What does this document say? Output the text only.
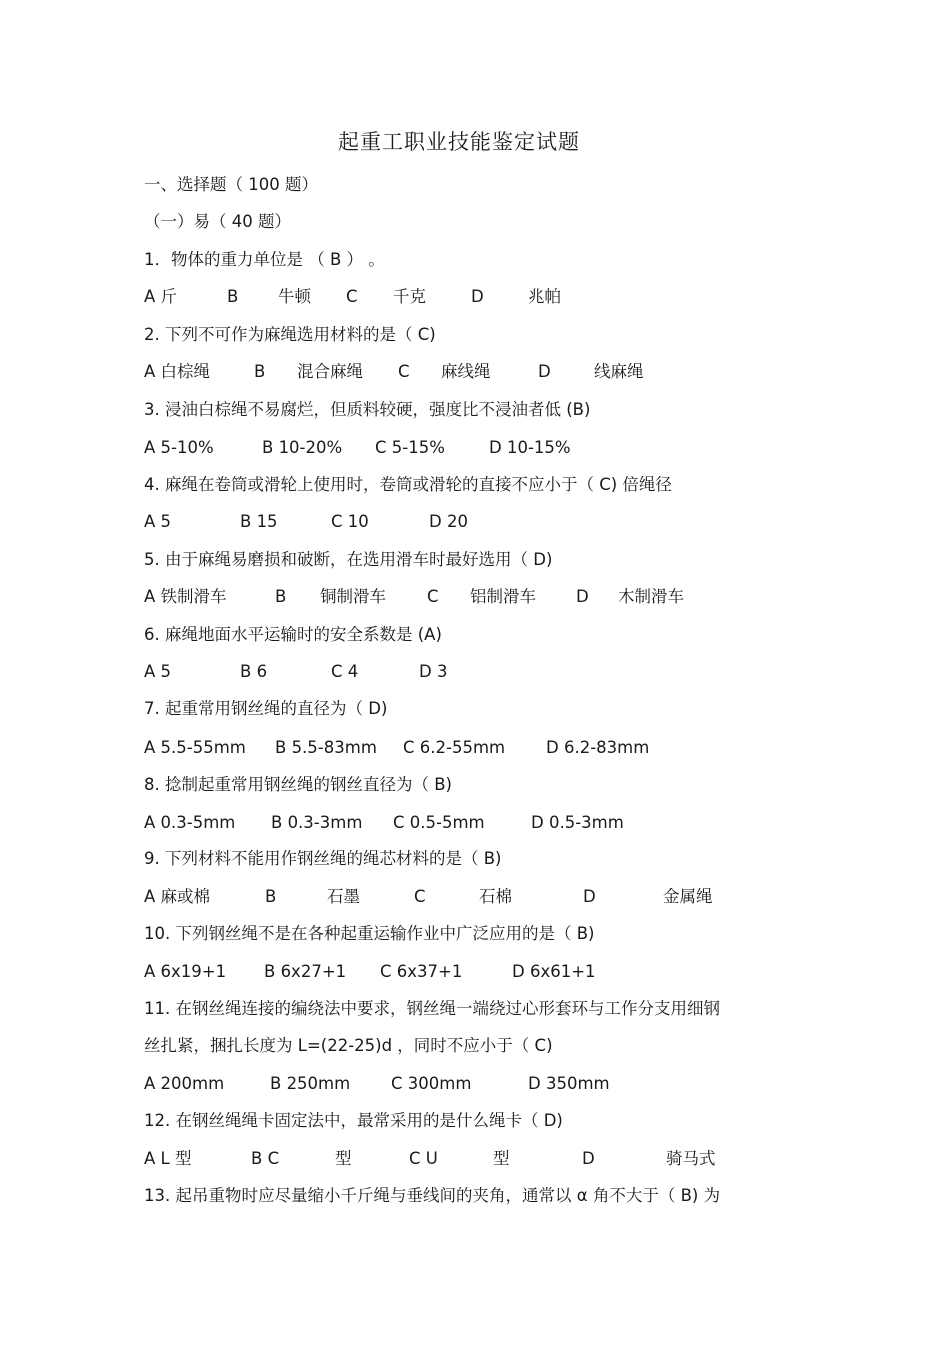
起重工职业技能鉴定试题
一、选择题（ 100 题）
（一）易（ 40 题）
1．物体的重力单位是 （ B ） 。
A 斤	B 牛顿 C 千克	D	兆帕
2. 下列不可作为麻绳选用材料的是（ C)
A 白棕绳	B 混合麻绳 C 麻线绳	D	线麻绳
3. 浸油白棕绳不易腐烂，但质料较硬，强度比不浸油者低 (B)
A 5-10%	B 10-20% C 5-15%	D 10-15%
4. 麻绳在卷筒或滑轮上使用时，卷筒或滑轮的直接不应小于（ C) 倍绳径
A 5	B 15	C 10	D 20
5. 由于麻绳易磨损和破断，在选用滑车时最好选用（ D)
A 铁制滑车	B 铜制滑车 C 铝制滑车 D 木制滑车
6. 麻绳地面水平运输时的安全系数是 (A)
A 5	B 6	C 4	D 3
7. 起重常用钢丝绳的直径为（ D)
A 5.5-55mm B 5.5-83mm C 6.2-55mm D 6.2-83mm
8. 捻制起重常用钢丝绳的钢丝直径为（ B)
A 0.3-5mm B 0.3-3mm C 0.5-5mm	D 0.5-3mm
9. 下列材料不能用作钢丝绳的绳芯材料的是（ B)
A 麻或棉	B	石墨	C	石棉	D	金属绳
10. 下列钢丝绳不是在各种起重运输作业中广泛应用的是（ B)
A 6x19+1 B 6x27+1 C 6x37+1	D 6x61+1
11. 在钢丝绳连接的编绕法中要求，钢丝绳一端绕过心形套环与工作分支用细钢
丝扎紧，捆扎长度为 L=(22-25)d ，同时不应小于（ C)
A 200mm	B 250mm C 300mm	D 350mm
12. 在钢丝绳绳卡固定法中，最常采用的是什么绳卡（ D)
A L 型	B C	型	C U	型	D	骑马式
13. 起吊重物时应尽量缩小千斤绳与垂线间的夹角，通常以 α 角不大于（ B) 为
